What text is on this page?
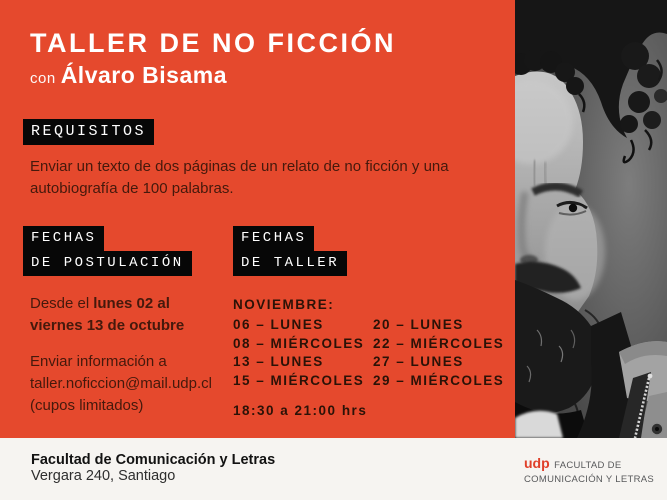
TALLER DE NO FICCIÓN
con Álvaro Bisama
REQUISITOS
Enviar un texto de dos páginas de un relato de no ficción y una
autobiografía de 100 palabras.
FECHAS
DE POSTULACIÓN
Desde el lunes 02 al
viernes 13 de octubre
Enviar información a
taller.noficcion@mail.udp.cl
(cupos limitados)
FECHAS
DE TALLER
NOVIEMBRE:
06 – LUNES	20 – LUNES
08 – MIÉRCOLES 22 – MIÉRCOLES
13 – LUNES	27 – LUNES
15 – MIÉRCOLES 29 – MIÉRCOLES
18:30 a 21:00 hrs
Facultad de Comunicación y Letras
Vergara 240, Santiago
udp FACULTAD DE
COMUNICACIÓN Y LETRAS
